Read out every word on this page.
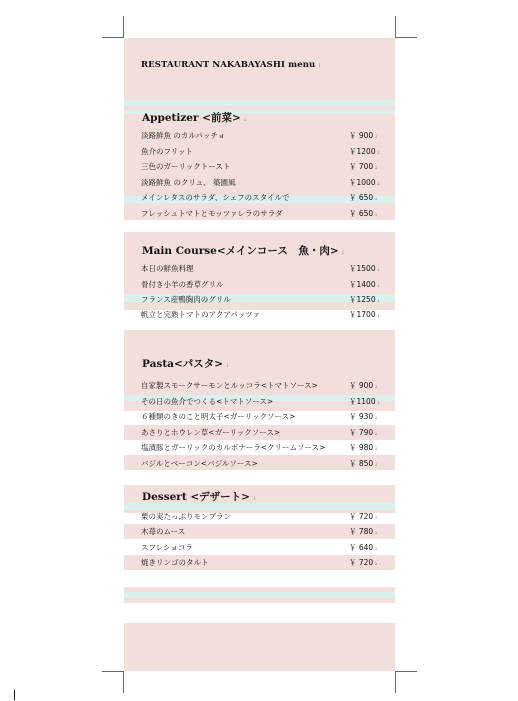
RESTAURANT NAKABAYASHI menu ↓
Appetizer <前菜> ↓
Main Course<メインコース　魚・肉> ↓
Pasta<パスタ> ↓
Dessert <デザート> ↓
淡路鮮魚 のカルパッチョ	￥ 900↓
魚介のフリット	￥1200↓
三色のガーリックトースト	￥ 700↓
淡路鮮魚 のクリュ、 築園風	￥1000↓
メインレタスのサラダ、シェフのスタイルで	￥ 650↓
フレッシュトマトとモッツァレラのサラダ	￥ 650↓
本日の鮮魚料理	￥1500↓
骨付き小羊の香草グリル	￥1400↓
フランス産鴨胸肉のグリル	￥1250↓
帆立と完熟トマトのアクアパッツァ	￥1700↓
自家製スモークサーモンとルッコラ<トマトソース>	￥ 900↓
その日の魚介でつくる<トマトソース>	￥1100↓
６種類のきのこと明太子<ガーリックソース>	￥ 930↓
あさりとホウレン草<ガーリックソース>	￥ 790↓
塩漬豚とガーリックのカルボナーラ<クリームソース>	￥ 980↓
バジルとベーコン<バジルソース>	￥ 850↓
栗の実たっぷりモンブラン	￥ 720↓
木苺のムース	￥ 780↓
スフレショコラ	￥ 640↓
焼きリンゴのタルト	￥ 720↓
